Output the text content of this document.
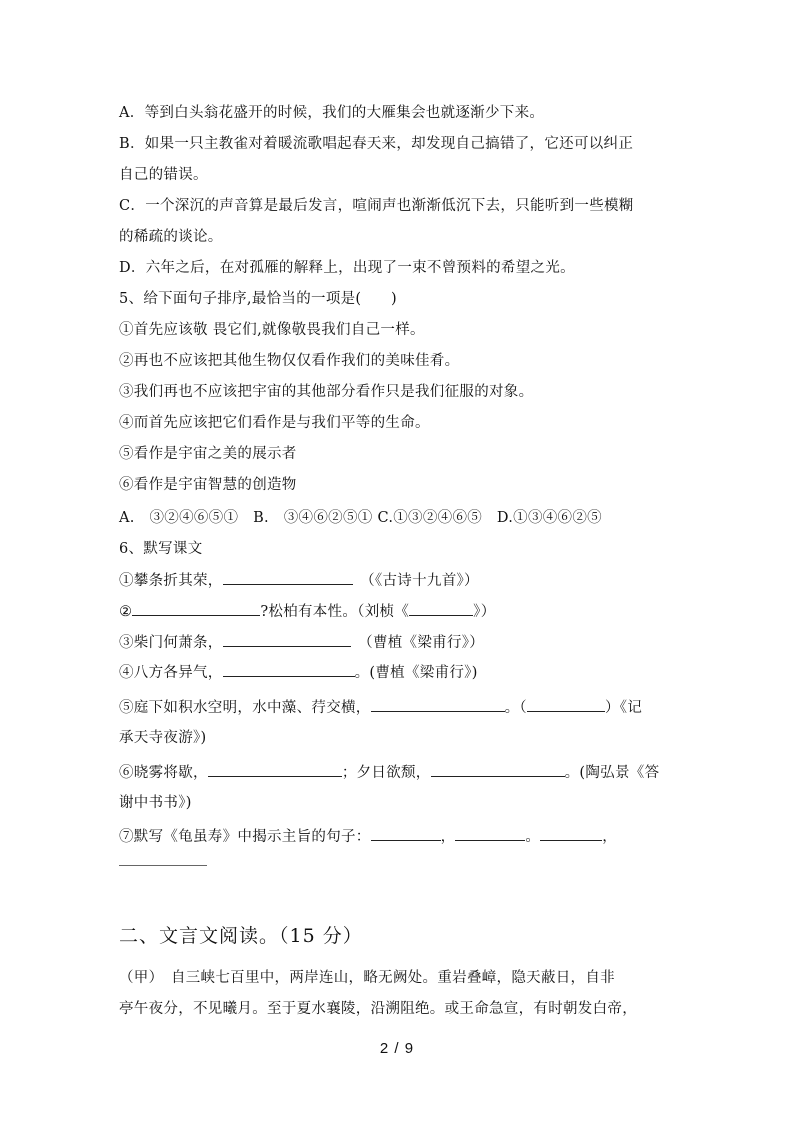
A．等到白头翁花盛开的时候，我们的大雁集会也就逐渐少下来。
B．如果一只主教雀对着暖流歌唱起春天来，却发现自己搞错了，它还可以纠正
自己的错误。
C．一个深沉的声音算是最后发言，喧闹声也渐渐低沉下去，只能听到一些模糊
的稀疏的谈论。
D．六年之后，在对孤雁的解释上，出现了一束不曾预料的希望之光。
5、给下面句子排序,最恰当的一项是(　　)
①首先应该敬 畏它们,就像敬畏我们自己一样。
②再也不应该把其他生物仅仅看作我们的美味佳肴。
③我们再也不应该把宇宙的其他部分看作只是我们征服的对象。
④而首先应该把它们看作是与我们平等的生命。
⑤看作是宇宙之美的展示者
⑥看作是宇宙智慧的创造物
A.　③②④⑥⑤①　B.　③④⑥②⑤① C.①③②④⑥⑤　D.①③④⑥②⑤
6、默写课文
①攀条折其荣，	　（《古诗十九首》）
②	?松柏有本性。（刘桢《	》）
③柴门何萧条，	　（曹植《梁甫行》）
④八方各异气，	。(曹植《梁甫行》)
⑤庭下如积水空明，水中藻、荇交横，	。（	）《记
承天寺夜游》)
⑥晓雾将歇，	；夕日欲颓，	。(陶弘景《答
谢中书书》)
⑦默写《龟虽寿》中揭示主旨的句子：	，	。	，
二、文言文阅读。（15 分）
（甲）　自三峡七百里中，两岸连山，略无阙处。重岩叠嶂，隐天蔽日，自非
亭午夜分，不见曦月。至于夏水襄陵，沿溯阻绝。或王命急宣，有时朝发白帝，
2 / 9
